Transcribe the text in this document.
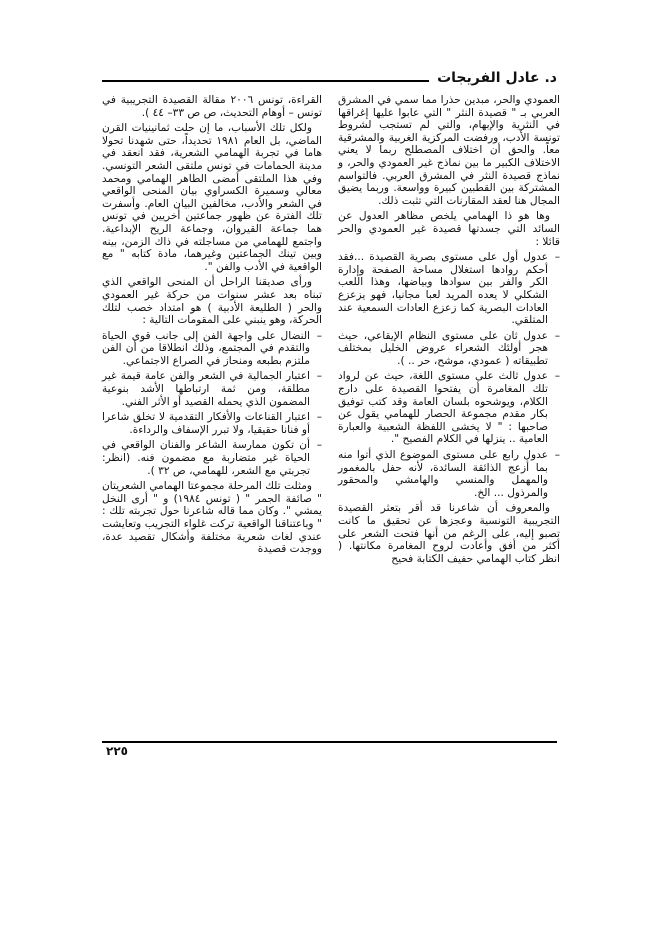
د. عادل الفريجات

العمودي والحر، مبدين حذرا مما سمي في المشرق العربي بـ " قصيدة النثر " التي عابوا عليها إغراقها في النثرية والإبهام، والتي لم تستجب لشروط تونسة الأدب، ورفضت المركزية الغربية والمشرقية معاً. والحق أن اختلاف المصطلح ربما لا يعني الاختلاف الكبير ما بين نماذج غير العمودي والحر، و نماذج قصيدة النثر في المشرق العربي. فالتواسم المشتركة بين القطبين كبيرة وواسعة. وربما يضيق المجال هنا لعقد المقارنات التي تثبت ذلك.

وها هو ذا الهمامي يلخص مظاهر العدول عن السائد التي جسدتها قصيدة غير العمودي والحر قائلا :

– عدول أول على مستوى بصرية القصيدة ...فقد أحكم روادها استغلال مساحة الصفحة وإدارة الكر والفر بين سوادها وبياضها، وهذا اللعب الشكلي لا يعده المريد لعبا مجانيا، فهو يزعزع العادات البصرية كما زعزع العادات السمعية عند المتلقي.
– عدول ثان على مستوى النظام الإيقاعي، حيث هجر أولئك الشعراء عروض الخليل بمختلف تطبيقاته ( عمودي، موشح، حر .. ).
– عدول ثالث على مستوى اللغة، حيث عن لرواد تلك المغامرة أن يفتحوا القصيدة على دارج الكلام، ويوشحوه بلسان العامة وقد كتب توفيق بكار مقدم مجموعة الحصار للهمامي يقول عن صاحبها : " لا يخشى اللفظة الشعبية والعبارة العامية .. ينزلها في الكلام الفصيح ".
– عدول رابع على مستوى الموضوع الذي أتوا منه بما أزعج الذائقة السائدة، لأنه حفل بالمغمور والمهمل والمنسي والهامشي والمحقور والمرذول ... الخ.

والمعروف أن شاعرنا قد أقر بتعثر القصيدة التجريبية التونسية وعجزها عن تحقيق ما كانت تصبو إليه، على الرغم من أنها فتحت الشعر على أكثر من أفق وأعادت لروح المغامرة مكانتها. ( انظر كتاب الهمامي حفيف الكتابة فحيح

القراءة، تونس ٢٠٠٦ مقالة القصيدة التجريبية في تونس – أوهام التحديث، ص ص ٣٣– ٤٤ ).

ولكل تلك الأسباب، ما إن حلت ثمانينيات القرن الماضي، بل العام ١٩٨١ تحديداً، حتى شهدنا تحولا هاما في تجربة الهمامي الشعرية، فقد انعقد في مدينة الحمامات في تونس ملتقى الشعر التونسي. وفي هذا الملتقى أمضى الطاهر الهمامي ومحمد معالي وسميرة الكسراوي بيان المنحى الواقعي في الشعر والأدب، مخالفين البيان العام. وأسفرت تلك الفترة عن ظهور جماعتين أخريين في تونس هما جماعة القيروان، وجماعة الريح الإبداعية. واجتمع للهمامي من مساجلته في ذاك الزمن، بينه وبين تينك الجماعتين وغيرهما، مادة كتابه " مع الواقعية في الأدب والفن ".

ورأى صديقنا الراحل أن المنحى الواقعي الذي تبناه بعد عشر سنوات من حركة غير العمودي والحر ( الطليعة الأدبية ) هو امتداد خصب لتلك الحركة، وهو ينبني على المقومات التالية :

– النضال على واجهة الفن إلى جانب قوى الحياة والتقدم في المجتمع، وذلك انطلاقا من أن الفن ملتزم بطبعه ومنحاز في الصراع الاجتماعي.
– اعتبار الجمالية في الشعر والفن عامة قيمة غير مطلقة، ومن ثمة ارتباطها الأشد بنوعية المضمون الذي يحمله القصيد أو الأثر الفني.
– اعتبار القناعات والأفكار التقدمية لا تخلق شاعرا أو فنانا حقيقيا، ولا تبرر الإسفاف والرداءة.
– أن تكون ممارسة الشاعر والفنان الواقعي في الحياة غير متضاربة مع مضمون فنه. (انظر: تجربتي مع الشعر، للهمامي، ص ٣٢ ).

ومثلت تلك المرحلة مجموعتا الهمامي الشعريتان " صائفة الجمر " ( تونس ١٩٨٤) و " أرى النخل يمشي ". وكان مما قاله شاعرنا حول تجربته تلك : " وباعتناقنا الواقعية تركت غلواء التجريب وتعايشت عندي لغات شعرية مختلفة وأشكال تقصيد عدة، ووجدت قصيدة

٢٢٥
